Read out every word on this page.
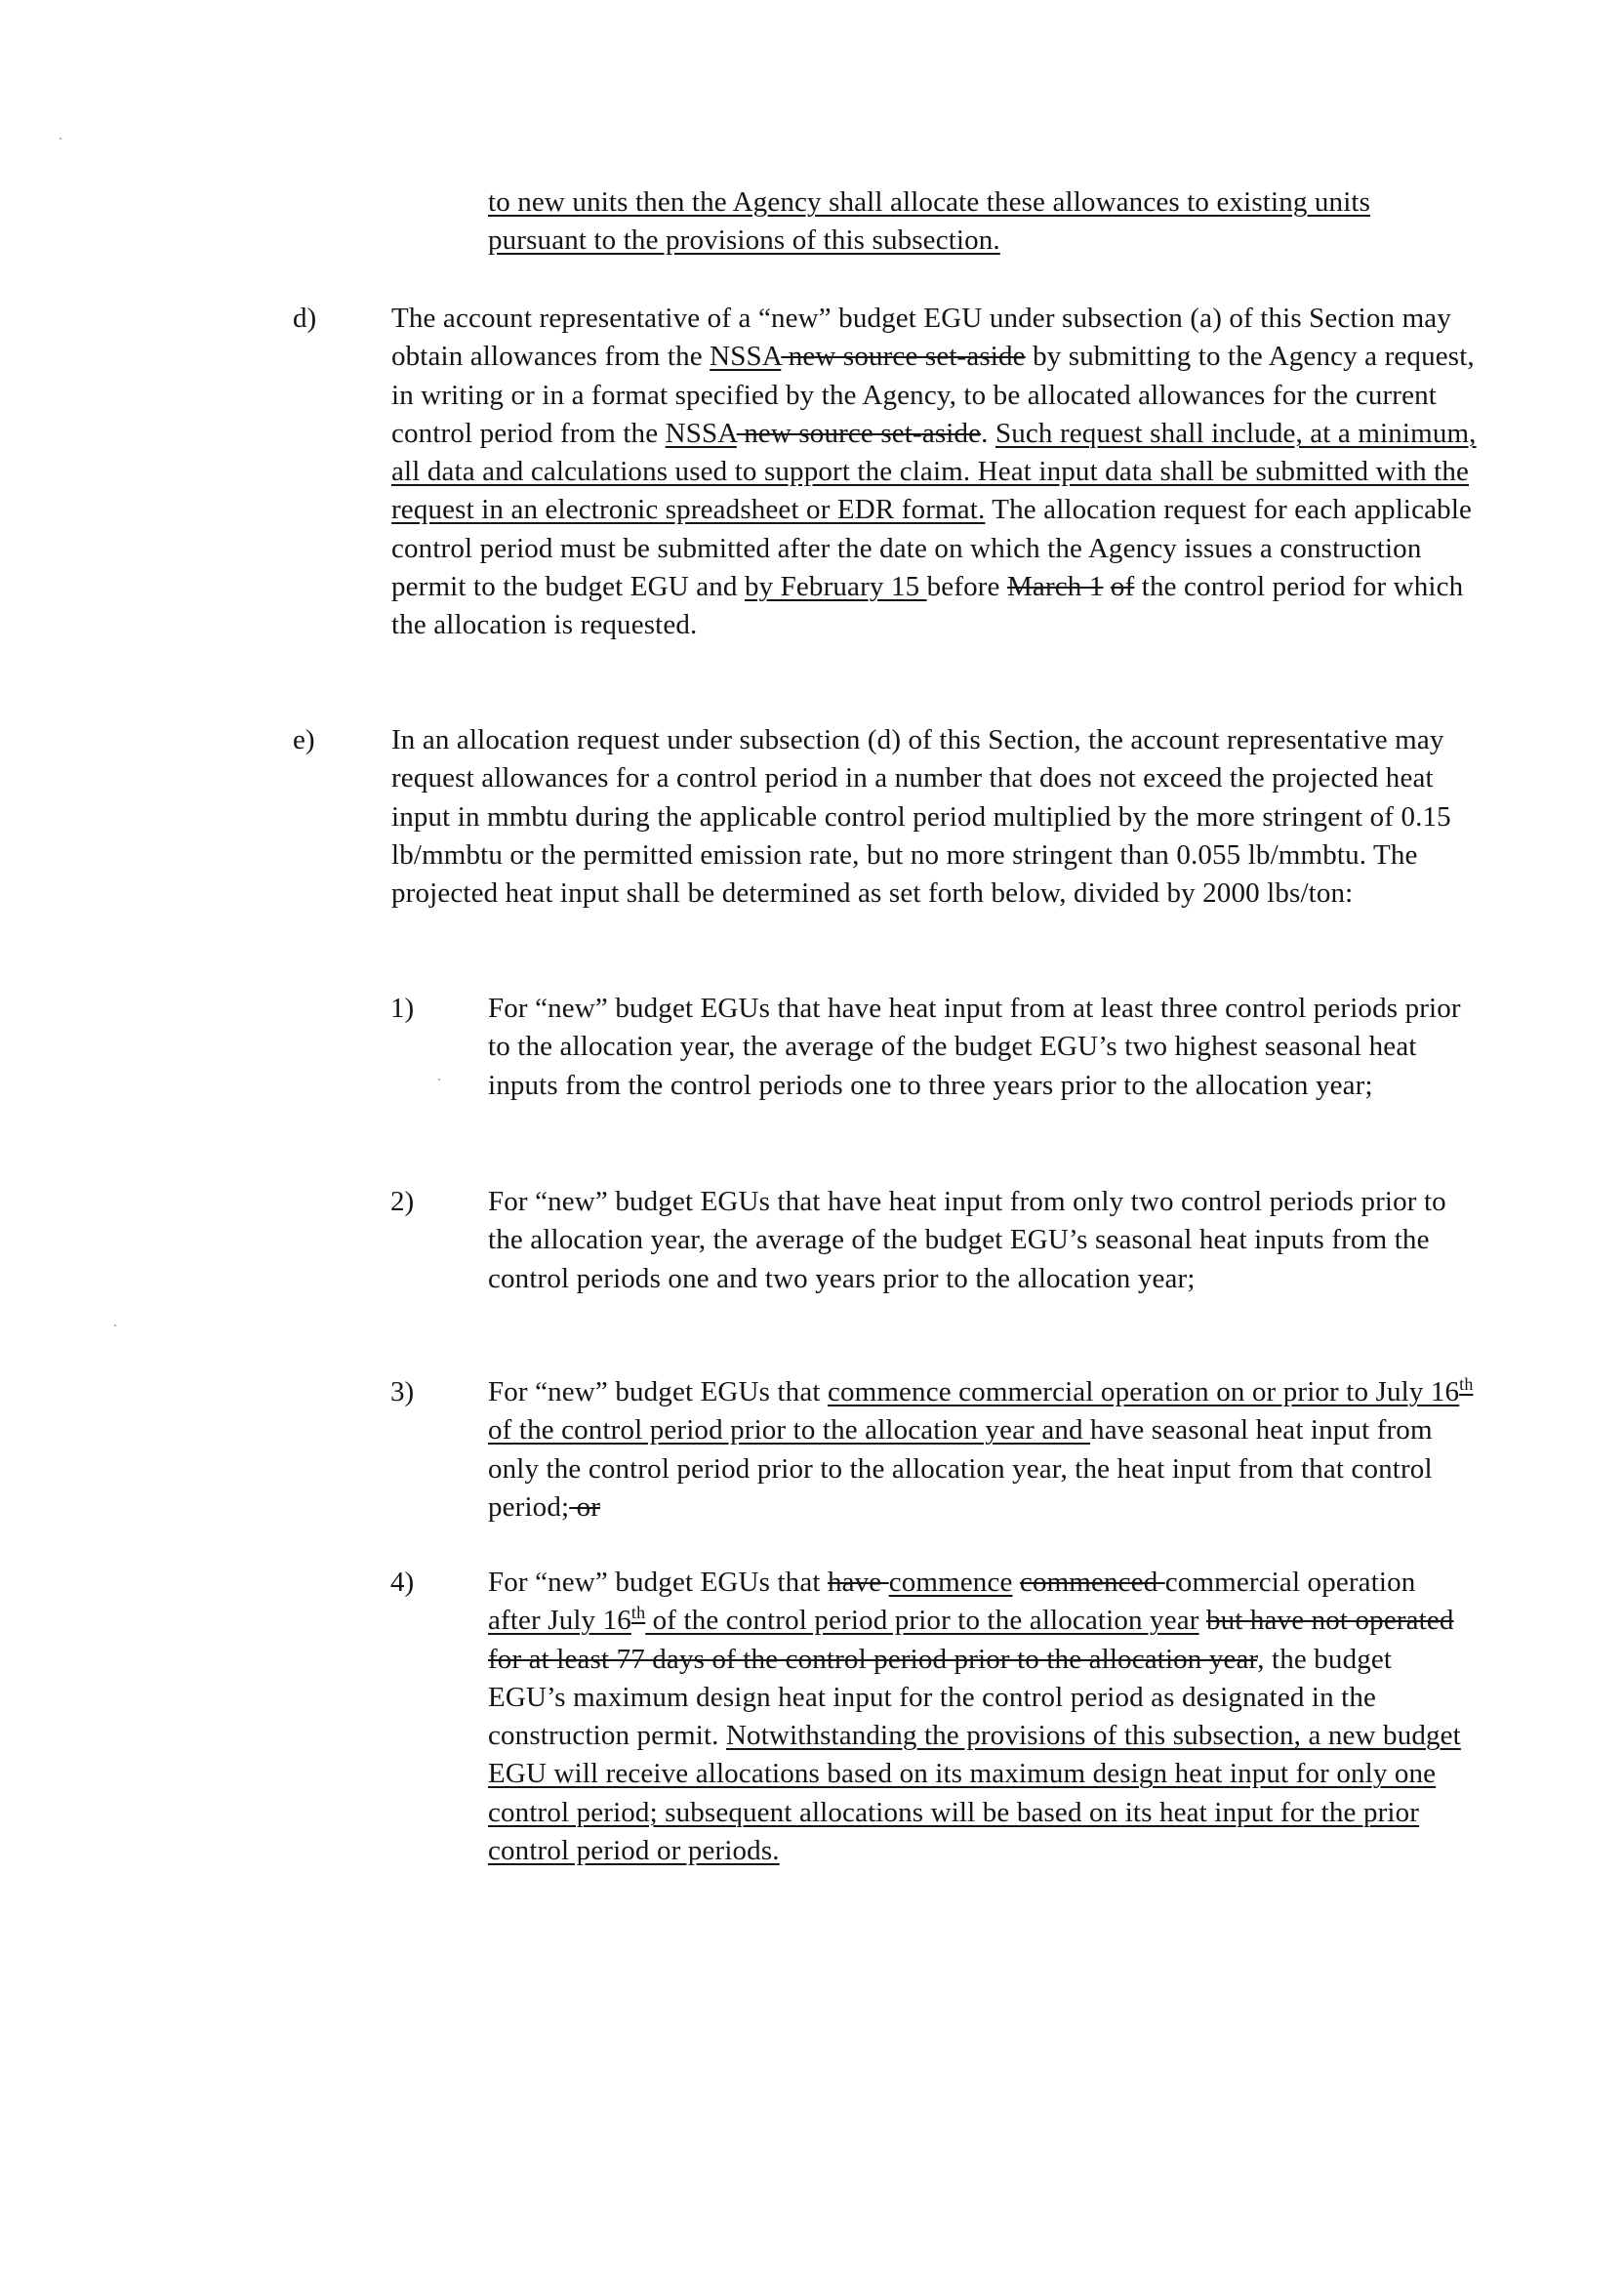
to new units then the Agency shall allocate these allowances to existing units pursuant to the provisions of this subsection.
d)	The account representative of a “new” budget EGU under subsection (a) of this Section may obtain allowances from the NSSA new source set-aside by submitting to the Agency a request, in writing or in a format specified by the Agency, to be allocated allowances for the current control period from the NSSA new source set-aside. Such request shall include, at a minimum, all data and calculations used to support the claim. Heat input data shall be submitted with the request in an electronic spreadsheet or EDR format. The allocation request for each applicable control period must be submitted after the date on which the Agency issues a construction permit to the budget EGU and by February 15 before March 1 of the control period for which the allocation is requested.
e)	In an allocation request under subsection (d) of this Section, the account representative may request allowances for a control period in a number that does not exceed the projected heat input in mmbtu during the applicable control period multiplied by the more stringent of 0.15 lb/mmbtu or the permitted emission rate, but no more stringent than 0.055 lb/mmbtu. The projected heat input shall be determined as set forth below, divided by 2000 lbs/ton:
1)	For “new” budget EGUs that have heat input from at least three control periods prior to the allocation year, the average of the budget EGU’s two highest seasonal heat inputs from the control periods one to three years prior to the allocation year;
2)	For “new” budget EGUs that have heat input from only two control periods prior to the allocation year, the average of the budget EGU’s seasonal heat inputs from the control periods one and two years prior to the allocation year;
3)	For “new” budget EGUs that commence commercial operation on or prior to July 16th of the control period prior to the allocation year and have seasonal heat input from only the control period prior to the allocation year, the heat input from that control period; or
4)	For “new” budget EGUs that have commence commenced commercial operation after July 16th of the control period prior to the allocation year but have not operated for at least 77 days of the control period prior to the allocation year, the budget EGU’s maximum design heat input for the control period as designated in the construction permit. Notwithstanding the provisions of this subsection, a new budget EGU will receive allocations based on its maximum design heat input for only one control period; subsequent allocations will be based on its heat input for the prior control period or periods.
